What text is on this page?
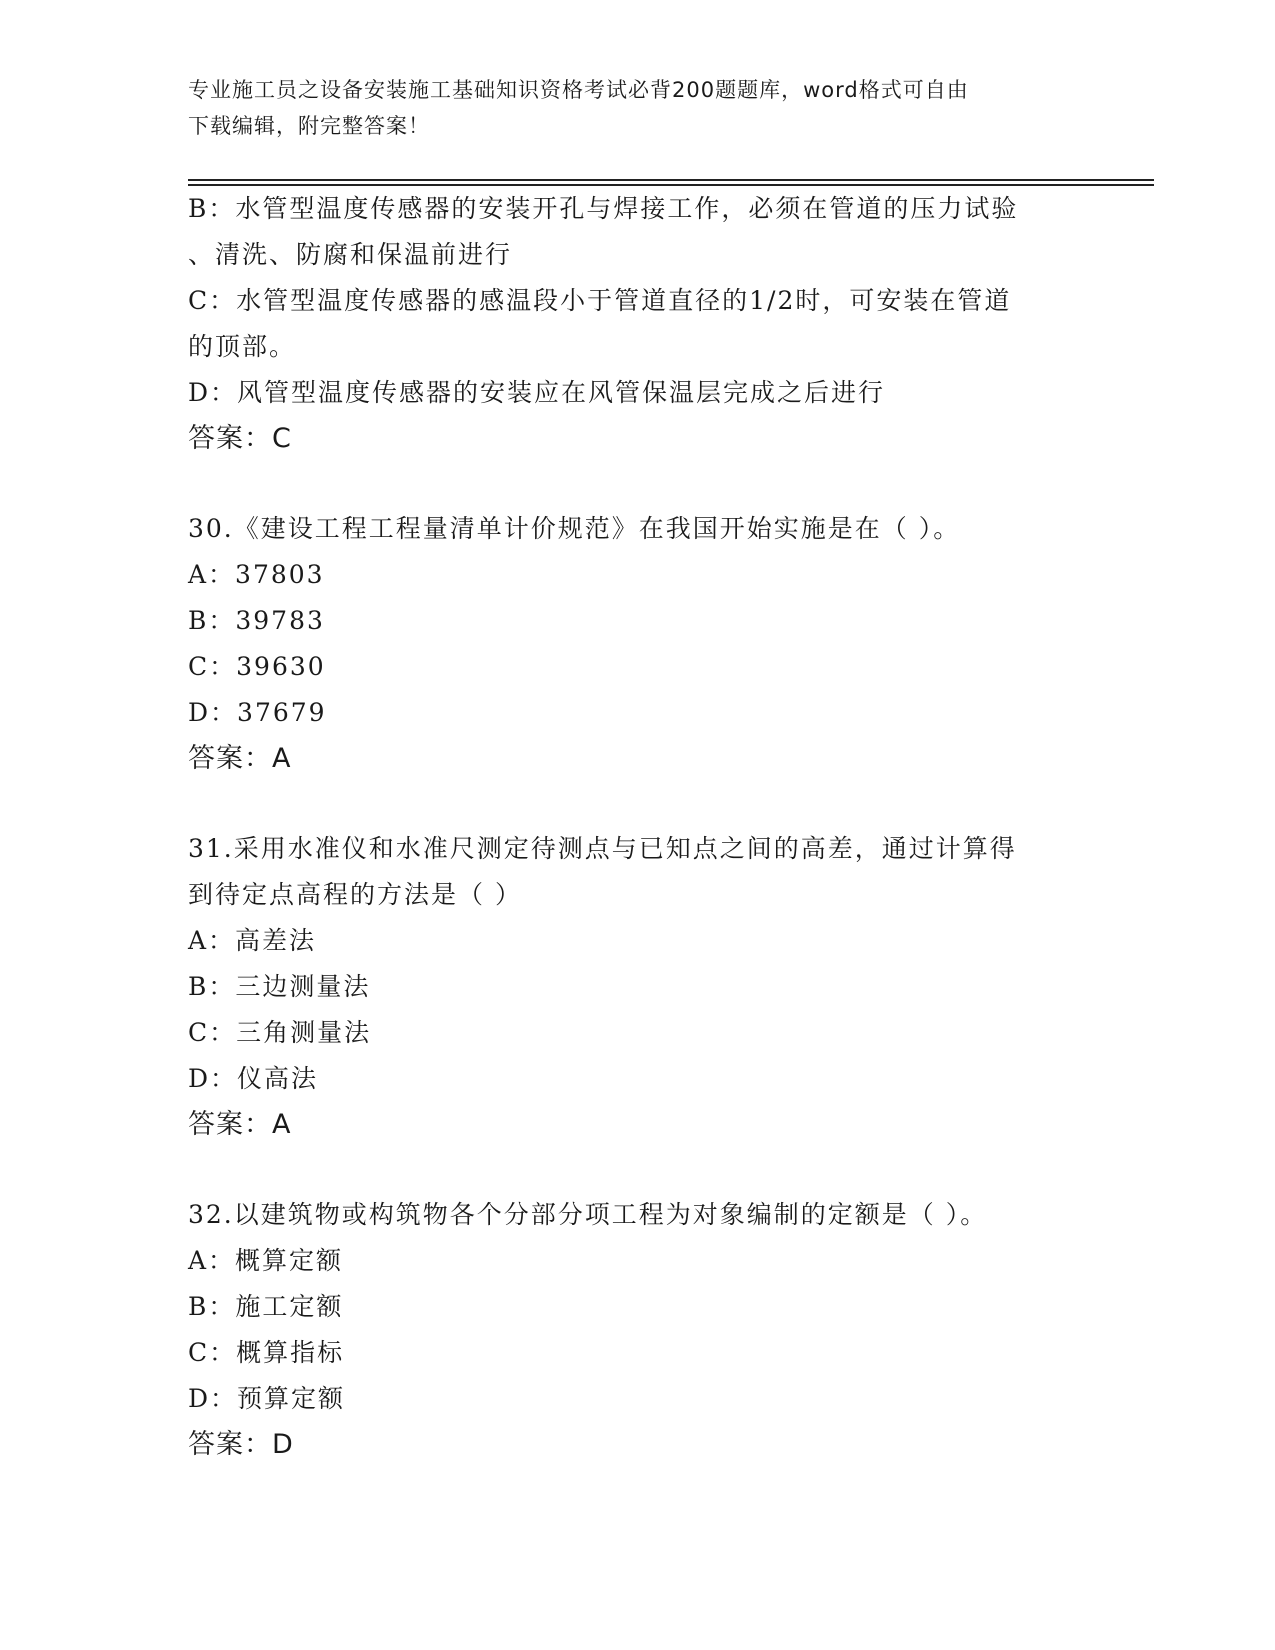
专业施工员之设备安装施工基础知识资格考试必背200题题库，word格式可自由
下载编辑，附完整答案！
B：水管型温度传感器的安装开孔与焊接工作，必须在管道的压力试验
、清洗、防腐和保温前进行
C：水管型温度传感器的感温段小于管道直径的1/2时，可安装在管道
的顶部。
D：风管型温度传感器的安装应在风管保温层完成之后进行
答案：C
30.《建设工程工程量清单计价规范》在我国开始实施是在（ ）。
A：37803
B：39783
C：39630
D：37679
答案：A
31.采用水准仪和水准尺测定待测点与已知点之间的高差，通过计算得
到待定点高程的方法是（ ）
A：高差法
B：三边测量法
C：三角测量法
D：仪高法
答案：A
32.以建筑物或构筑物各个分部分项工程为对象编制的定额是（ ）。
A：概算定额
B：施工定额
C：概算指标
D：预算定额
答案：D
